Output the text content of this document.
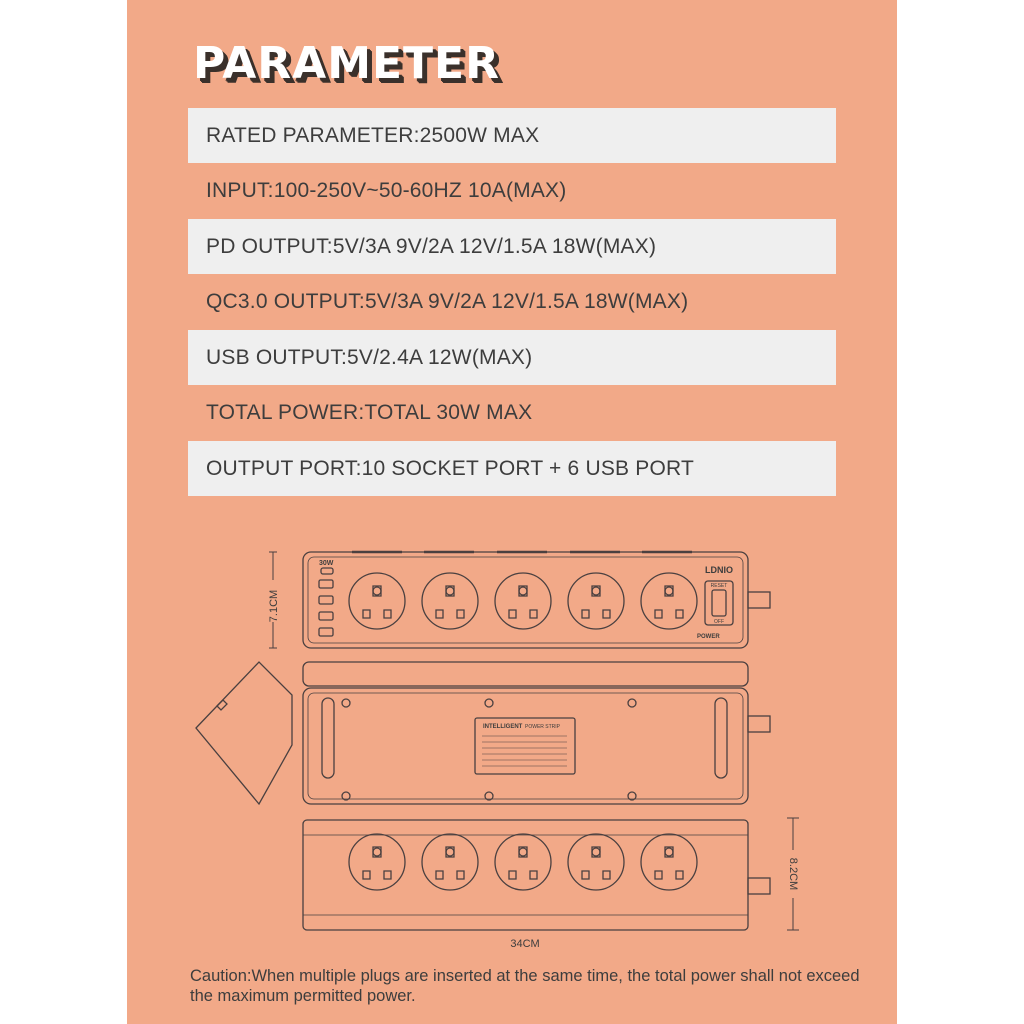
PARAMETER
RATED PARAMETER:2500W MAX
INPUT:100-250V~50-60HZ 10A(MAX)
PD OUTPUT:5V/3A 9V/2A 12V/1.5A 18W(MAX)
QC3.0 OUTPUT:5V/3A 9V/2A 12V/1.5A 18W(MAX)
USB OUTPUT:5V/2.4A 12W(MAX)
TOTAL POWER:TOTAL 30W MAX
OUTPUT PORT:10 SOCKET PORT + 6 USB PORT
7.1CM
8.2CM
34CM
LDNIO
30W
RESET
OFF
POWER
INTELLIGENT POWER STRIP

Caution:When multiple plugs are inserted at the same time, the total power shall not exceed the maximum permitted power.
